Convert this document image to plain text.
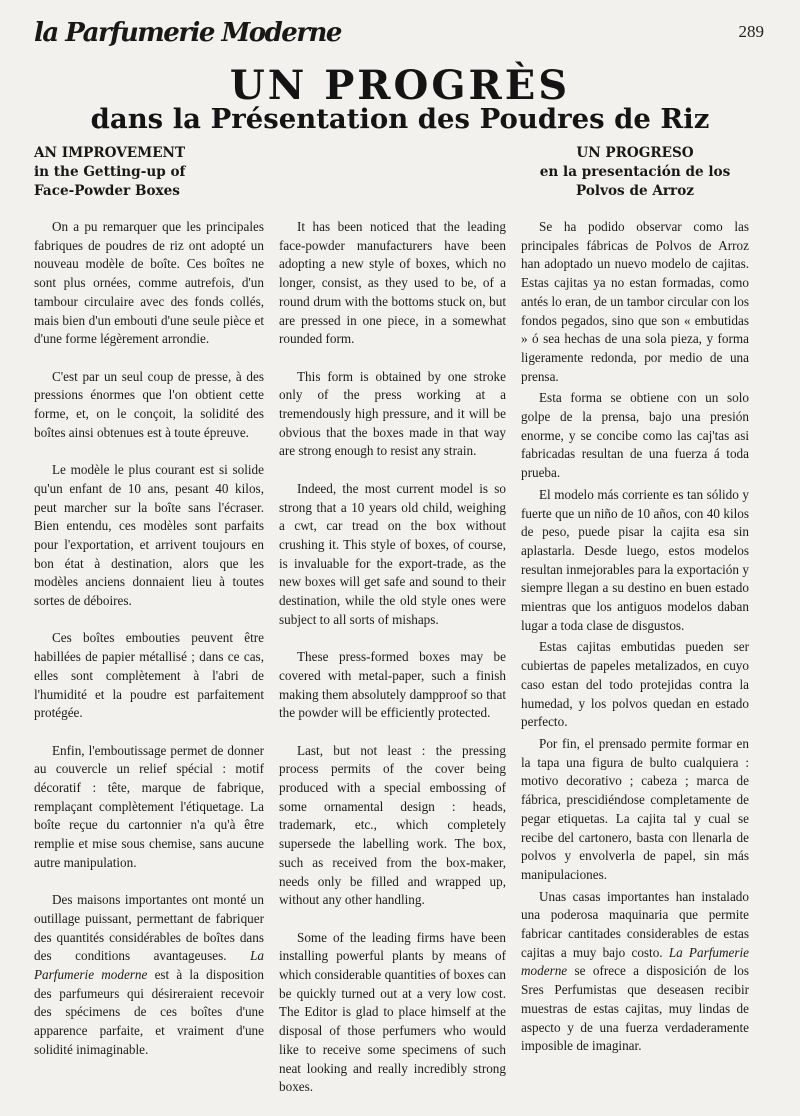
la Parfumerie Moderne	289
UN PROGRÈS
dans la Présentation des Poudres de Riz
AN IMPROVEMENT
in the Getting-up of
Face-Powder Boxes
UN PROGRESO
en la presentación de los
Polvos de Arroz

On a pu remarquer que les principales fabriques de poudres de riz ont adopté un nouveau modèle de boîte. Ces boîtes ne sont plus ornées, comme autrefois, d'un tambour circulaire avec des fonds collés, mais bien d'un embouti d'une seule pièce et d'une forme légèrement arrondie.

C'est par un seul coup de presse, à des pressions énormes que l'on obtient cette forme, et, on le conçoit, la solidité des boîtes ainsi obtenues est à toute épreuve.

Le modèle le plus courant est si solide qu'un enfant de 10 ans, pesant 40 kilos, peut marcher sur la boîte sans l'écraser. Bien entendu, ces modèles sont parfaits pour l'exportation, et arrivent toujours en bon état à destination, alors que les modèles anciens donnaient lieu à toutes sortes de déboires.

Ces boîtes embouties peuvent être habillées de papier métallisé ; dans ce cas, elles sont complètement à l'abri de l'humidité et la poudre est parfaitement protégée.

Enfin, l'emboutissage permet de donner au couvercle un relief spécial : motif décoratif : tête, marque de fabrique, remplaçant complètement l'étiquetage. La boîte reçue du cartonnier n'a qu'à être remplie et mise sous chemise, sans aucune autre manipulation.

Des maisons importantes ont monté un outillage puissant, permettant de fabriquer des quantités considérables de boîtes dans des conditions avantageuses. La Parfumerie moderne est à la disposition des parfumeurs qui désireraient recevoir des spécimens de ces boîtes d'une apparence parfaite, et vraiment d'une solidité inimaginable.

It has been noticed that the leading face-powder manufacturers have been adopting a new style of boxes, which no longer, consist, as they used to be, of a round drum with the bottoms stuck on, but are pressed in one piece, in a somewhat rounded form.

This form is obtained by one stroke only of the press working at a tremendously high pressure, and it will be obvious that the boxes made in that way are strong enough to resist any strain.

Indeed, the most current model is so strong that a 10 years old child, weighing a cwt, car tread on the box without crushing it. This style of boxes, of course, is invaluable for the export-trade, as the new boxes will get safe and sound to their destination, while the old style ones were subject to all sorts of mishaps.

These press-formed boxes may be covered with metal-paper, such a finish making them absolutely dampproof so that the powder will be efficiently protected.

Last, but not least : the pressing process permits of the cover being produced with a special embossing of some ornamental design : heads, trademark, etc., which completely supersede the labelling work. The box, such as received from the box-maker, needs only be filled and wrapped up, without any other handling.

Some of the leading firms have been installing powerful plants by means of which considerable quantities of boxes can be quickly turned out at a very low cost. The Editor is glad to place himself at the disposal of those perfumers who would like to receive some specimens of such neat looking and really incredibly strong boxes.

Se ha podido observar como las principales fábricas de Polvos de Arroz han adoptado un nuevo modelo de cajitas. Estas cajitas ya no estan formadas, como antés lo eran, de un tambor circular con los fondos pegados, sino que son « embutidas » ó sea hechas de una sola pieza, y forma ligeramente redonda, por medio de una prensa.

Esta forma se obtiene con un solo golpe de la prensa, bajo una presión enorme, y se concibe como las caj'tas asi fabricadas resultan de una fuerza á toda prueba.

El modelo más corriente es tan sólido y fuerte que un niño de 10 años, con 40 kilos de peso, puede pisar la cajita esa sin aplastarla. Desde luego, estos modelos resultan inmejorables para la exportación y siempre llegan a su destino en buen estado mientras que los antiguos modelos daban lugar a toda clase de disgustos.

Estas cajitas embutidas pueden ser cubiertas de papeles metalizados, en cuyo caso estan del todo protejidas contra la humedad, y los polvos quedan en estado perfecto.

Por fin, el prensado permite formar en la tapa una figura de bulto cualquiera : motivo decorativo ; cabeza ; marca de fábrica, prescidiéndose completamente de pegar etiquetas. La cajita tal y cual se recibe del cartonero, basta con llenarla de polvos y envolverla de papel, sin más manipulaciones.

Unas casas importantes han instalado una poderosa maquinaria que permite fabricar cantitades considerables de estas cajitas a muy bajo costo. La Parfumerie moderne se ofrece a disposición de los Sres Perfumistas que deseasen recibir muestras de estas cajitas, muy lindas de aspecto y de una fuerza verdaderamente imposible de imaginar.
